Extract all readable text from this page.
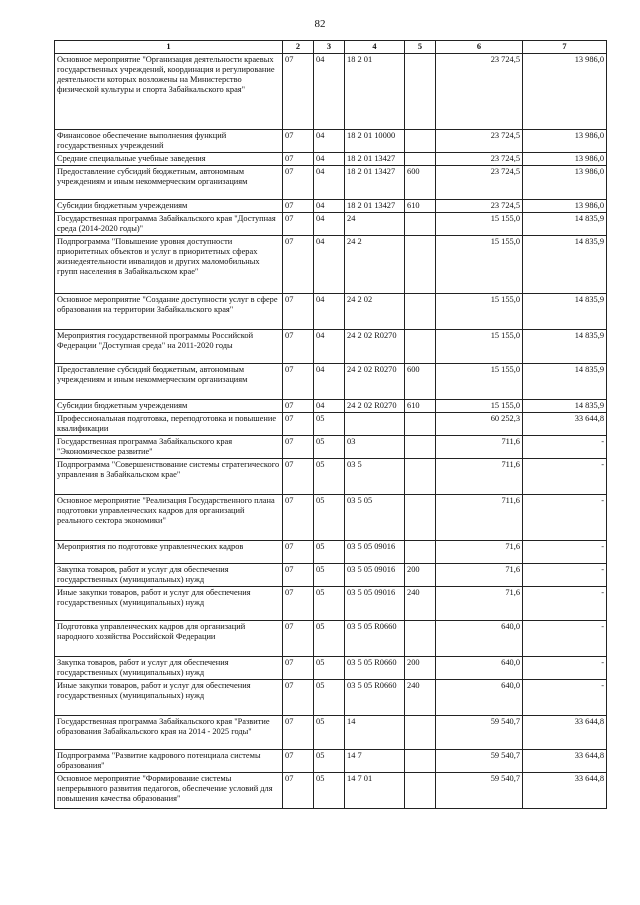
82
1	2	3	4	5	6	7
Основное мероприятие "Организация деятельности краевых государственных учреждений, координация и регулирование деятельности которых возложены на Министерство физической культуры и спорта Забайкальского края"	07	04	18 2 01		23 724,5	13 986,0
Финансовое обеспечение выполнения функций государственных учреждений	07	04	18 2 01 10000		23 724,5	13 986,0
Средние специальные учебные заведения	07	04	18 2 01 13427		23 724,5	13 986,0
Предоставление субсидий бюджетным, автономным учреждениям и иным некоммерческим организациям	07	04	18 2 01 13427	600	23 724,5	13 986,0
Субсидии бюджетным учреждениям	07	04	18 2 01 13427	610	23 724,5	13 986,0
Государственная программа Забайкальского края "Доступная среда (2014-2020 годы)"	07	04	24		15 155,0	14 835,9
Подпрограмма "Повышение уровня доступности приоритетных объектов и услуг в приоритетных сферах жизнедеятельности инвалидов и других маломобильных групп населения в Забайкальском крае"	07	04	24 2		15 155,0	14 835,9
Основное мероприятие "Создание доступности услуг в сфере образования на территории Забайкальского края"	07	04	24 2 02		15 155,0	14 835,9
Мероприятия государственной программы Российской Федерации "Доступная среда" на 2011-2020 годы	07	04	24 2 02 R0270		15 155,0	14 835,9
Предоставление субсидий бюджетным, автономным учреждениям и иным некоммерческим организациям	07	04	24 2 02 R0270	600	15 155,0	14 835,9
Субсидии бюджетным учреждениям	07	04	24 2 02 R0270	610	15 155,0	14 835,9
Профессиональная подготовка, переподготовка и повышение квалификации	07	05			60 252,3	33 644,8
Государственная программа Забайкальского края "Экономическое развитие"	07	05	03		711,6	-
Подпрограмма "Совершенствование системы стратегического управления в Забайкальском крае"	07	05	03 5		711,6	-
Основное мероприятие "Реализация Государственного плана подготовки управленческих кадров для организаций реального сектора экономики"	07	05	03 5 05		711,6	-
Мероприятия по подготовке управленческих кадров	07	05	03 5 05 09016		71,6	-
Закупка товаров, работ и услуг для обеспечения государственных (муниципальных) нужд	07	05	03 5 05 09016	200	71,6	-
Иные закупки товаров, работ и услуг для обеспечения государственных (муниципальных) нужд	07	05	03 5 05 09016	240	71,6	-
Подготовка управленческих кадров для организаций народного хозяйства Российской Федерации	07	05	03 5 05 R0660		640,0	-
Закупка товаров, работ и услуг для обеспечения государственных (муниципальных) нужд	07	05	03 5 05 R0660	200	640,0	-
Иные закупки товаров, работ и услуг для обеспечения государственных (муниципальных) нужд	07	05	03 5 05 R0660	240	640,0	-
Государственная программа Забайкальского края "Развитие образования Забайкальского края на 2014 - 2025 годы"	07	05	14		59 540,7	33 644,8
Подпрограмма "Развитие кадрового потенциала системы образования"	07	05	14 7		59 540,7	33 644,8
Основное мероприятие "Формирование системы непрерывного развития педагогов, обеспечение условий для повышения качества образования"	07	05	14 7 01		59 540,7	33 644,8
